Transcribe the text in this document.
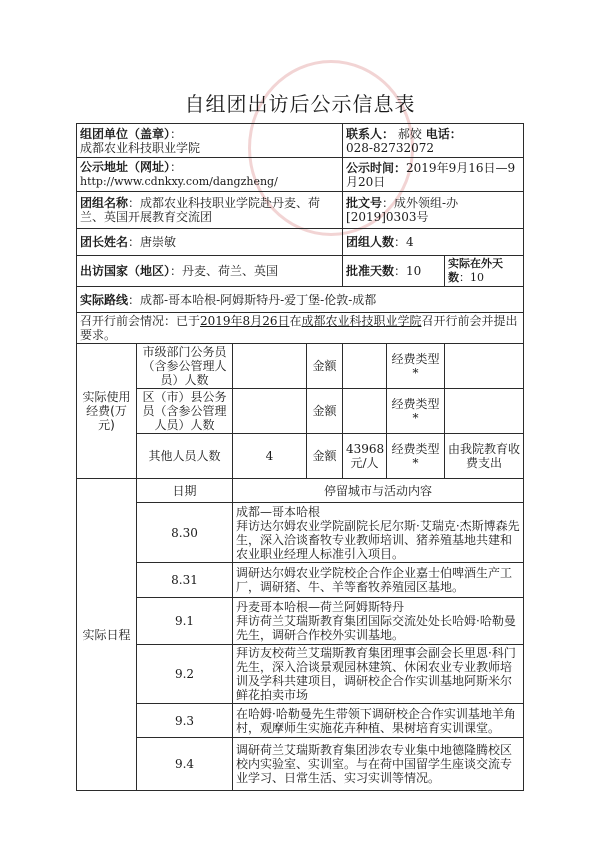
自组团出访后公示信息表
组团单位（盖章）：
成都农业科技职业学院				联系人： 郝姣 电话：
028-82732072		
公示地址（网址）：
http://www.cdnkxy.com/dangzheng/				公示时间：2019年9月16日—9月20日		
团组名称：成都农业科技职业学院赴丹麦、荷兰、英国开展教育交流团				批文号：成外领组-办[2019]0303号		
团长姓名：唐崇敏				团组人数：4		
出访国家（地区）：丹麦、荷兰、英国				批准天数：10		实际在外天数：10
实际路线：成都-哥本哈根-阿姆斯特丹-爱丁堡-伦敦-成都						
召开行前会情况：已于2019年8月26日在成都农业科技职业学院召开行前会并提出要求。						
实际使用经费(万元)	市级部门公务员（含参公管理人员）人数		金额		经费类型*	
	区（市）县公务员（含参公管理人员）人数		金额		经费类型*	
	其他人员人数	4	金额	43968元/人	经费类型*	由我院教育收费支出
实际日程	日期	停留城市与活动内容				
	8.30	成都—哥本哈根
拜访达尔姆农业学院副院长尼尔斯·艾瑞克·杰斯博森先生，深入洽谈畜牧专业教师培训、猪养殖基地共建和农业职业经理人标准引入项目。				
	8.31	调研达尔姆农业学院校企合作企业嘉士伯啤酒生产工厂，调研猪、牛、羊等畜牧养殖园区基地。				
	9.1	丹麦哥本哈根—荷兰阿姆斯特丹
拜访荷兰艾瑞斯教育集团国际交流处处长哈姆·哈勒曼先生，调研合作校外实训基地。				
	9.2	拜访友校荷兰艾瑞斯教育集团理事会副会长里恩·科门先生，深入洽谈景观园林建筑、休闲农业专业教师培训及学科共建项目，调研校企合作实训基地阿斯米尔鲜花拍卖市场				
	9.3	在哈姆·哈勒曼先生带领下调研校企合作实训基地羊角村，观摩师生实施花卉种植、果树培育实训课堂。				
	9.4	调研荷兰艾瑞斯教育集团涉农专业集中地德隆腾校区校内实验室、实训室。与在荷中国留学生座谈交流专业学习、日常生活、实习实训等情况。				
